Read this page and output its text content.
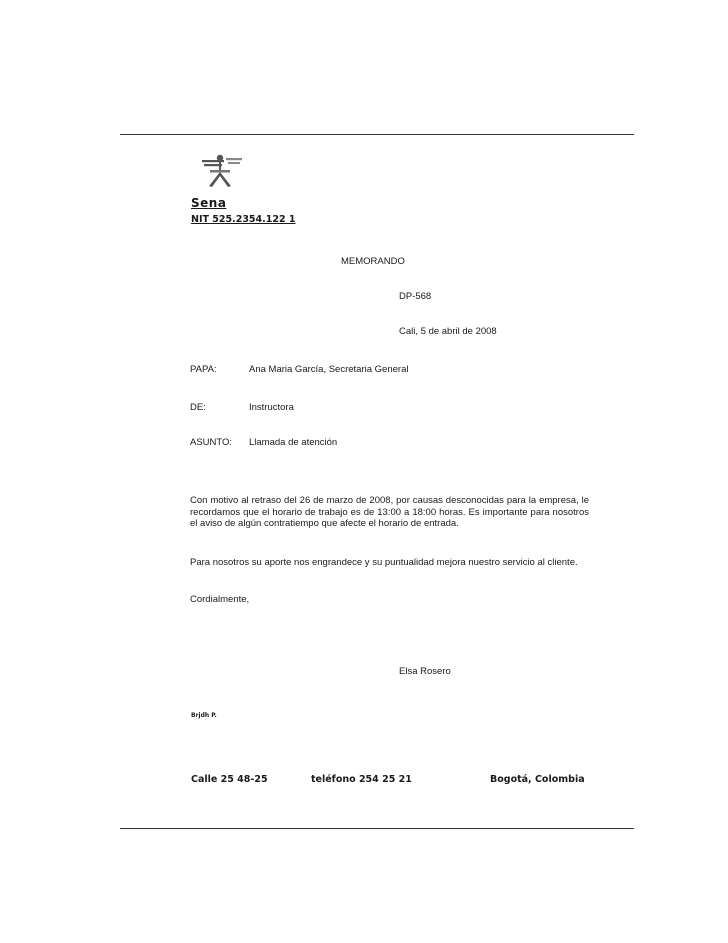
Sena
NIT 525.2354.122 1
MEMORANDO
DP-568
Cali, 5 de abril de 2008
PAPA:	Ana Maria García, Secretaria General
DE:	Instructora
ASUNTO: Llamada de atención

Con motivo al retraso del 26 de marzo de 2008, por causas desconocidas para la empresa, le recordamos que el horario de trabajo es de 13:00 a 18:00 horas. Es importante para nosotros el aviso de algún contratiempo que afecte el horario de entrada.

Para nosotros su aporte nos engrandece y su puntualidad mejora nuestro servicio al cliente.

Cordialmente,

Elsa Rosero
Brjdh P.
Calle 25 48-25	teléfono 254 25 21	Bogotá, Colombia
